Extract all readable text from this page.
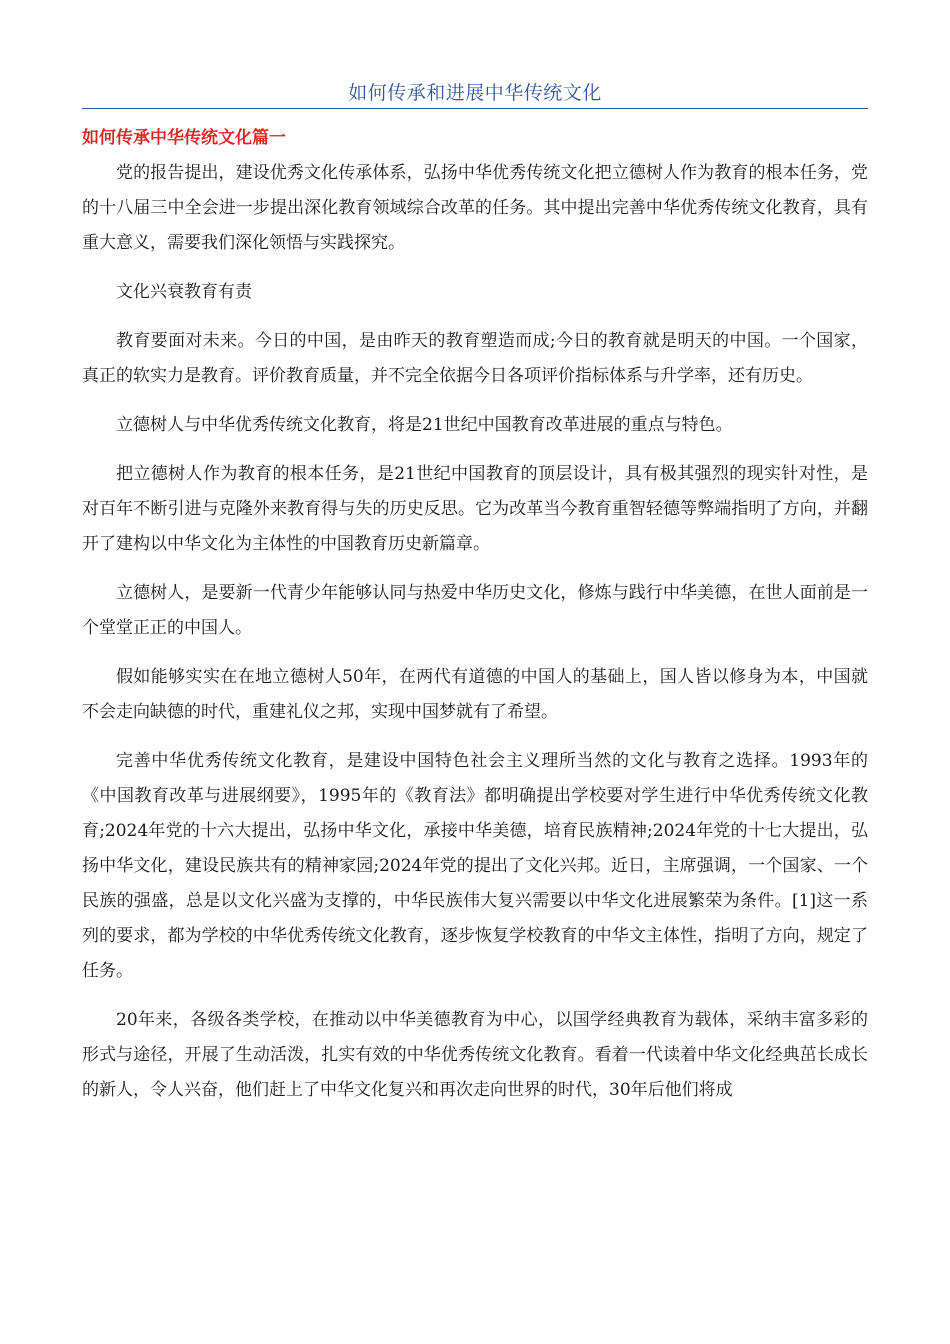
如何传承和进展中华传统文化
如何传承中华传统文化篇一

党的报告提出，建设优秀文化传承体系，弘扬中华优秀传统文化把立德树人作为教育的根本任务，党的十八届三中全会进一步提出深化教育领域综合改革的任务。其中提出完善中华优秀传统文化教育，具有重大意义，需要我们深化领悟与实践探究。

文化兴衰教育有责

教育要面对未来。今日的中国，是由昨天的教育塑造而成;今日的教育就是明天的中国。一个国家，真正的软实力是教育。评价教育质量，并不完全依据今日各项评价指标体系与升学率，还有历史。

立德树人与中华优秀传统文化教育，将是21世纪中国教育改革进展的重点与特色。

把立德树人作为教育的根本任务，是21世纪中国教育的顶层设计，具有极其强烈的现实针对性，是对百年不断引进与克隆外来教育得与失的历史反思。它为改革当今教育重智轻德等弊端指明了方向，并翻开了建构以中华文化为主体性的中国教育历史新篇章。

立德树人，是要新一代青少年能够认同与热爱中华历史文化，修炼与践行中华美德，在世人面前是一个堂堂正正的中国人。

假如能够实实在在地立德树人50年，在两代有道德的中国人的基础上，国人皆以修身为本，中国就不会走向缺德的时代，重建礼仪之邦，实现中国梦就有了希望。

完善中华优秀传统文化教育，是建设中国特色社会主义理所当然的文化与教育之选择。1993年的《中国教育改革与进展纲要》，1995年的《教育法》都明确提出学校要对学生进行中华优秀传统文化教育;2024年党的十六大提出，弘扬中华文化，承接中华美德，培育民族精神;2024年党的十七大提出，弘扬中华文化，建设民族共有的精神家园;2024年党的提出了文化兴邦。近日，主席强调，一个国家、一个民族的强盛，总是以文化兴盛为支撑的，中华民族伟大复兴需要以中华文化进展繁荣为条件。[1]这一系列的要求，都为学校的中华优秀传统文化教育，逐步恢复学校教育的中华文主体性，指明了方向，规定了任务。

20年来，各级各类学校，在推动以中华美德教育为中心，以国学经典教育为载体，采纳丰富多彩的形式与途径，开展了生动活泼，扎实有效的中华优秀传统文化教育。看着一代读着中华文化经典茁长成长的新人，令人兴奋，他们赶上了中华文化复兴和再次走向世界的时代，30年后他们将成
